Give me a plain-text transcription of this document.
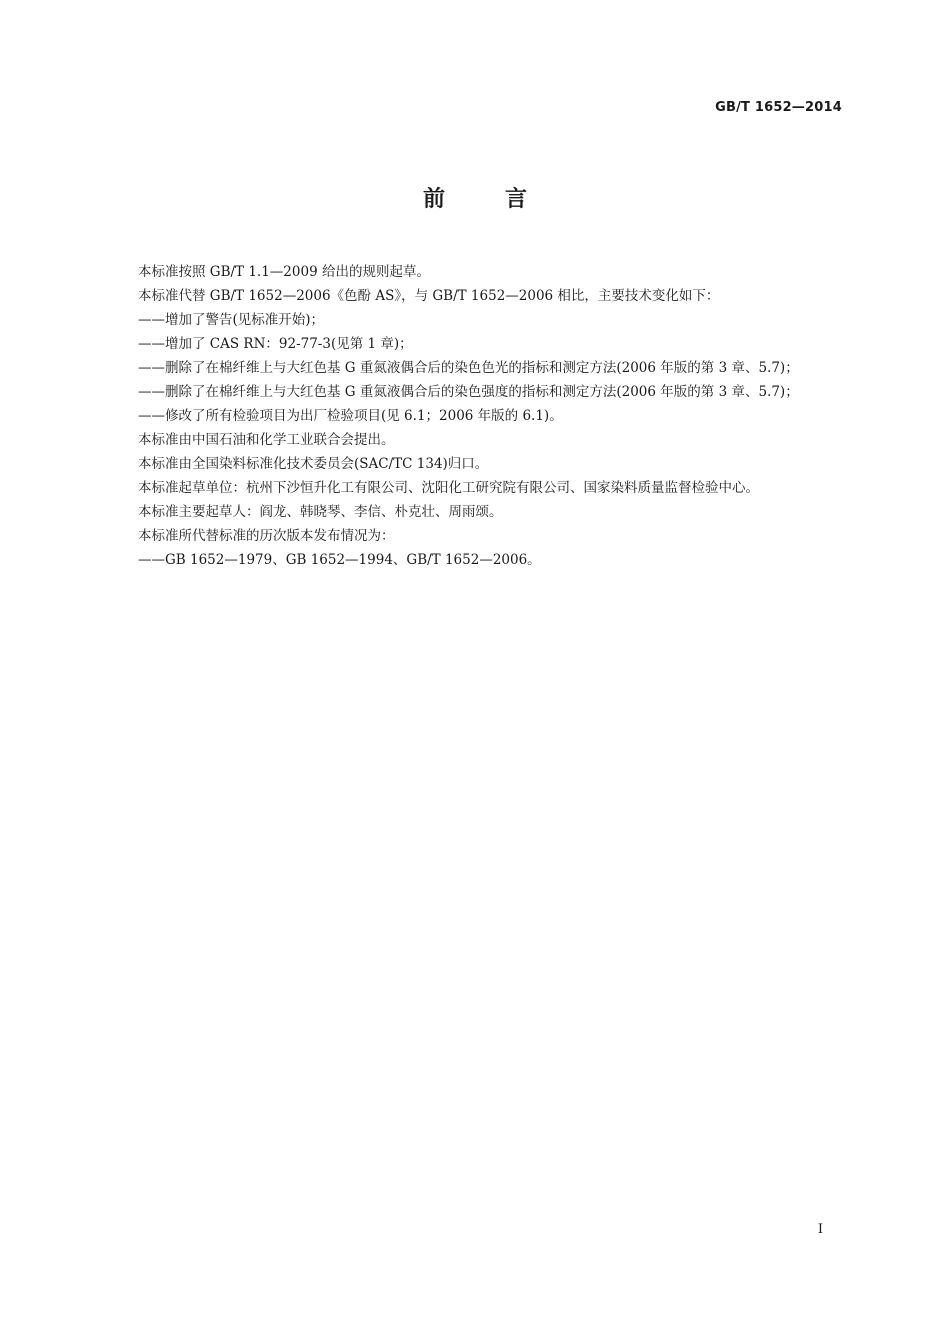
GB/T 1652—2014
前言

本标准按照 GB/T 1.1—2009 给出的规则起草。

本标准代替 GB/T 1652—2006《色酚 AS》，与 GB/T 1652—2006 相比，主要技术变化如下：

——增加了警告(见标准开始)；

——增加了 CAS RN：92-77-3(见第 1 章)；

——删除了在棉纤维上与大红色基 G 重氮液偶合后的染色色光的指标和测定方法(2006 年版的第 3 章、5.7)；

——删除了在棉纤维上与大红色基 G 重氮液偶合后的染色强度的指标和测定方法(2006 年版的第 3 章、5.7)；

——修改了所有检验项目为出厂检验项目(见 6.1；2006 年版的 6.1)。

本标准由中国石油和化学工业联合会提出。

本标准由全国染料标准化技术委员会(SAC/TC 134)归口。

本标准起草单位：杭州下沙恒升化工有限公司、沈阳化工研究院有限公司、国家染料质量监督检验中心。

本标准主要起草人：阎龙、韩晓琴、李信、朴克壮、周雨颂。

本标准所代替标准的历次版本发布情况为：

——GB 1652—1979、GB 1652—1994、GB/T 1652—2006。

I
